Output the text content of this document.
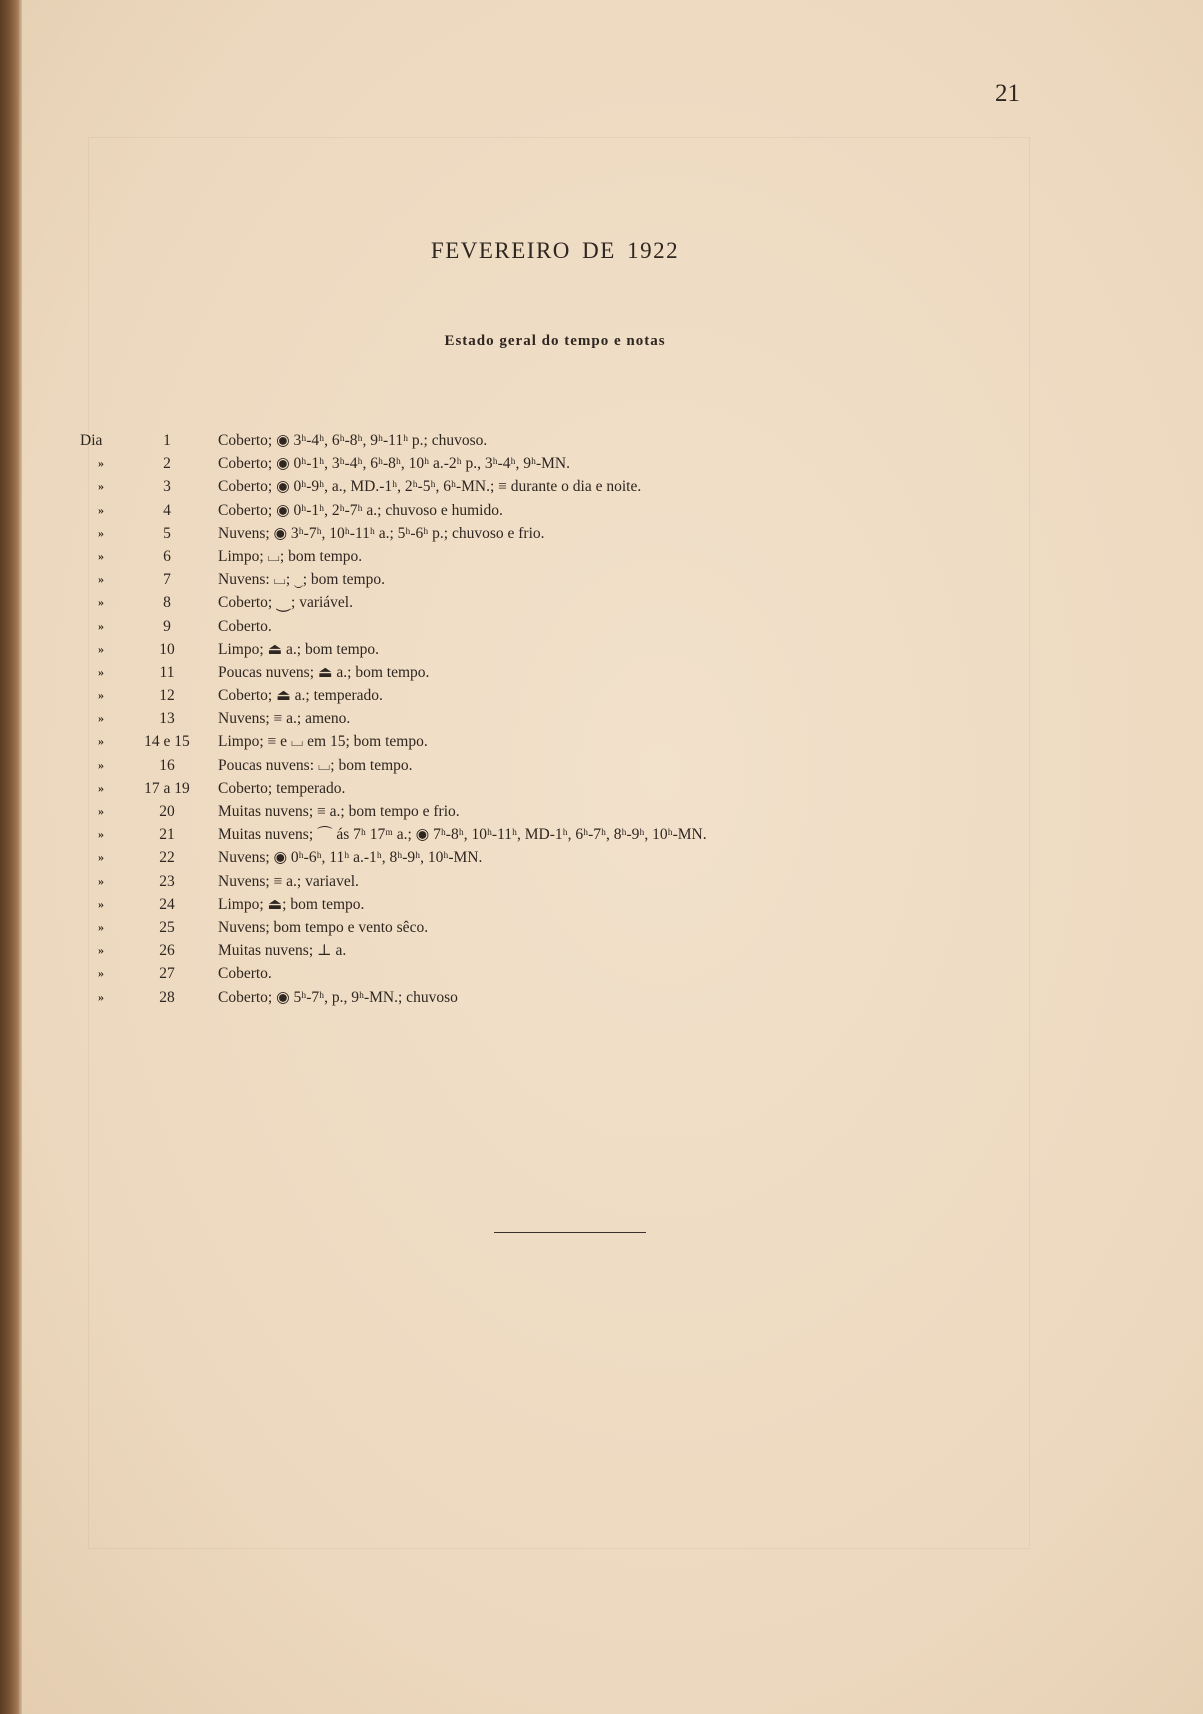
21
FEVEREIRO DE 1922
Estado geral do tempo e notas
Dia	1	Coberto; ◉ 3ʰ-4ʰ, 6ʰ-8ʰ, 9ʰ-11ʰ p.; chuvoso.
»	2	Coberto; ◉ 0ʰ-1ʰ, 3ʰ-4ʰ, 6ʰ-8ʰ, 10ʰ a.-2ʰ p., 3ʰ-4ʰ, 9ʰ-MN.
»	3	Coberto; ◉ 0ʰ-9ʰ, a., MD.-1ʰ, 2ʰ-5ʰ, 6ʰ-MN.; ≡ durante o dia e noite.
»	4	Coberto; ◉ 0ʰ-1ʰ, 2ʰ-7ʰ a.; chuvoso e humido.
»	5	Nuvens; ◉ 3ʰ-7ʰ, 10ʰ-11ʰ a.; 5ʰ-6ʰ p.; chuvoso e frio.
»	6	Limpo; ⌴; bom tempo.
»	7	Nuvens: ⌴; ⏝; bom tempo.
»	8	Coberto; ⏝; variável.
»	9	Coberto.
»	10	Limpo; ⏏ a.; bom tempo.
»	11	Poucas nuvens; ⏏ a.; bom tempo.
»	12	Coberto; ⏏ a.; temperado.
»	13	Nuvens; ≡ a.; ameno.
»	14 e 15	Limpo; ≡ e ⌴ em 15; bom tempo.
»	16	Poucas nuvens: ⌴; bom tempo.
»	17 a 19	Coberto; temperado.
»	20	Muitas nuvens; ≡ a.; bom tempo e frio.
»	21	Muitas nuvens; ⌒ ás 7ʰ 17ᵐ a.; ◉ 7ʰ-8ʰ, 10ʰ-11ʰ, MD-1ʰ, 6ʰ-7ʰ, 8ʰ-9ʰ, 10ʰ-MN.
»	22	Nuvens; ◉ 0ʰ-6ʰ, 11ʰ a.-1ʰ, 8ʰ-9ʰ, 10ʰ-MN.
»	23	Nuvens; ≡ a.; variavel.
»	24	Limpo; ⏏; bom tempo.
»	25	Nuvens; bom tempo e vento sêco.
»	26	Muitas nuvens; ⊥ a.
»	27	Coberto.
»	28	Coberto; ◉ 5ʰ-7ʰ, p., 9ʰ-MN.; chuvoso
